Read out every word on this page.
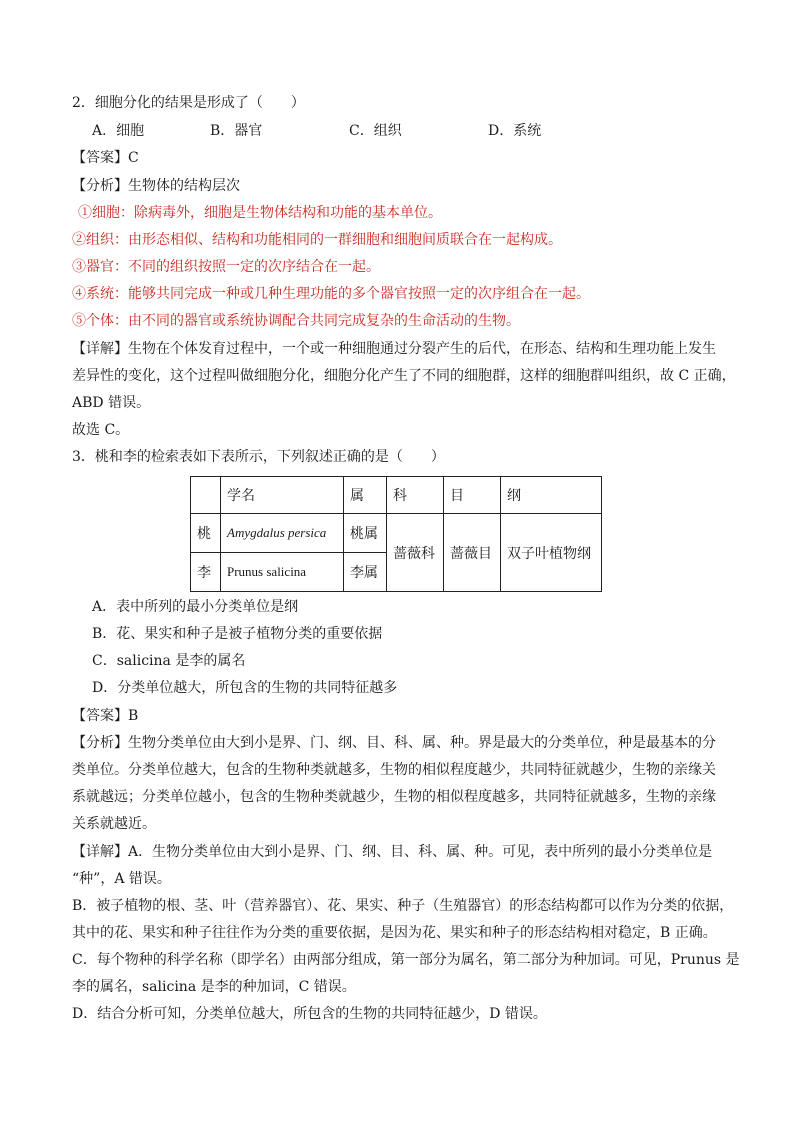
2．细胞分化的结果是形成了（　　）
A．细胞	B．器官	C．组织	D．系统
【答案】C
【分析】生物体的结构层次
①细胞：除病毒外，细胞是生物体结构和功能的基本单位。
②组织：由形态相似、结构和功能相同的一群细胞和细胞间质联合在一起构成。
③器官：不同的组织按照一定的次序结合在一起。
④系统：能够共同完成一种或几种生理功能的多个器官按照一定的次序组合在一起。
⑤个体：由不同的器官或系统协调配合共同完成复杂的生命活动的生物。
【详解】生物在个体发育过程中，一个或一种细胞通过分裂产生的后代，在形态、结构和生理功能上发生
差异性的变化，这个过程叫做细胞分化，细胞分化产生了不同的细胞群，这样的细胞群叫组织，故 C 正确，
ABD 错误。
故选 C。
3．桃和李的检索表如下表所示，下列叙述正确的是（　　）
	学名	属	科	目	纲
桃	Amygdalus persica	桃属	蔷薇科	蔷薇目	双子叶植物纲
李	Prunus salicina	李属			
A．表中所列的最小分类单位是纲
B．花、果实和种子是被子植物分类的重要依据
C．salicina 是李的属名
D．分类单位越大，所包含的生物的共同特征越多
【答案】B
【分析】生物分类单位由大到小是界、门、纲、目、科、属、种。界是最大的分类单位，种是最基本的分
类单位。分类单位越大，包含的生物种类就越多，生物的相似程度越少，共同特征就越少，生物的亲缘关
系就越远；分类单位越小，包含的生物种类就越少，生物的相似程度越多，共同特征就越多，生物的亲缘
关系就越近。
【详解】A．生物分类单位由大到小是界、门、纲、目、科、属、种。可见，表中所列的最小分类单位是
“种”，A 错误。
B．被子植物的根、茎、叶（营养器官）、花、果实、种子（生殖器官）的形态结构都可以作为分类的依据，
其中的花、果实和种子往往作为分类的重要依据，是因为花、果实和种子的形态结构相对稳定，B 正确。
C．每个物种的科学名称（即学名）由两部分组成，第一部分为属名，第二部分为种加词。可见，Prunus 是
李的属名，salicina 是李的种加词，C 错误。
D．结合分析可知，分类单位越大，所包含的生物的共同特征越少，D 错误。
